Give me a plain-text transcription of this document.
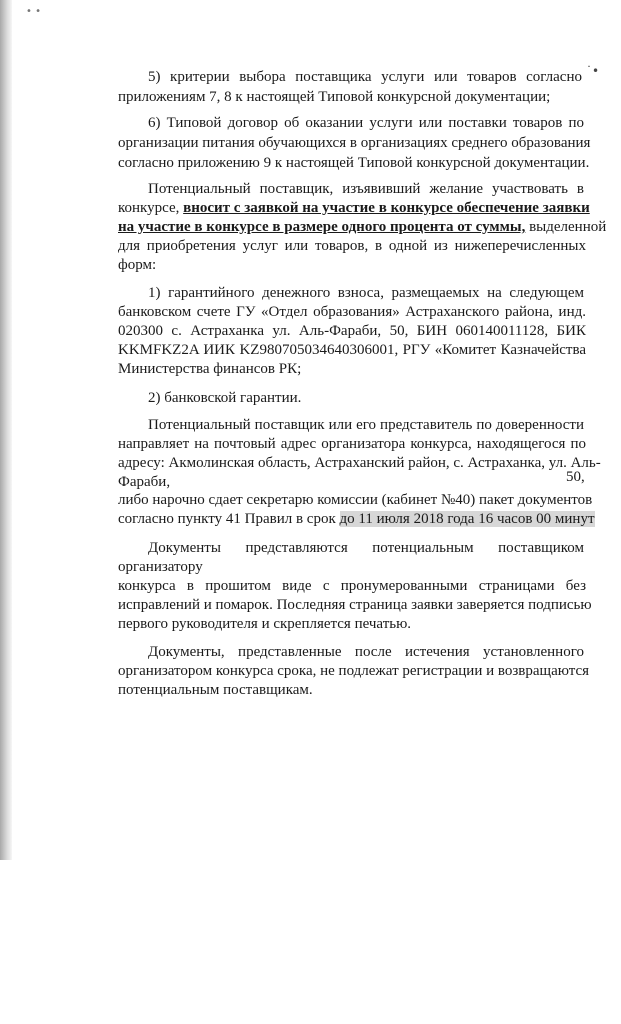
• •
˙•
5) критерии выбора поставщика услуги или товаров согласно
приложениям 7, 8 к настоящей Типовой конкурсной документации;
6) Типовой договор об оказании услуги или поставки товаров по
организации питания обучающихся в организациях среднего образования
согласно приложению 9 к настоящей Типовой конкурсной документации.
Потенциальный поставщик, изъявивший желание участвовать в
конкурсе, вносит с заявкой на участие в конкурсе обеспечение заявки
на участие в конкурсе в размере одного процента от суммы, выделенной
для приобретения услуг или товаров, в одной из нижеперечисленных
форм:
1) гарантийного денежного взноса, размещаемых на следующем
банковском счете ГУ «Отдел образования» Астраханского района, инд.
020300 с. Астраханка ул. Аль-Фараби, 50, БИН 060140011128, БИК
KKMFKZ2A ИИК KZ980705034640306001, РГУ «Комитет Казначейства
Министерства финансов РК;
2) банковской гарантии.
Потенциальный поставщик или его представитель по доверенности
направляет на почтовый адрес организатора конкурса, находящегося по
адресу: Акмолинская область, Астраханский район, с. Астраханка, ул. Аль-
Фараби,	50,
либо нарочно сдает секретарю комиссии (кабинет №40) пакет документов
согласно пункту 41 Правил в срок до 11 июля 2018 года 16 часов 00 минут
Документы представляются потенциальным поставщиком
организатору
конкурса в прошитом виде с пронумерованными страницами без
исправлений и помарок. Последняя страница заявки заверяется подписью
первого руководителя и скрепляется печатью.
Документы, представленные после истечения установленного
организатором конкурса срока, не подлежат регистрации и возвращаются
потенциальным поставщикам.
